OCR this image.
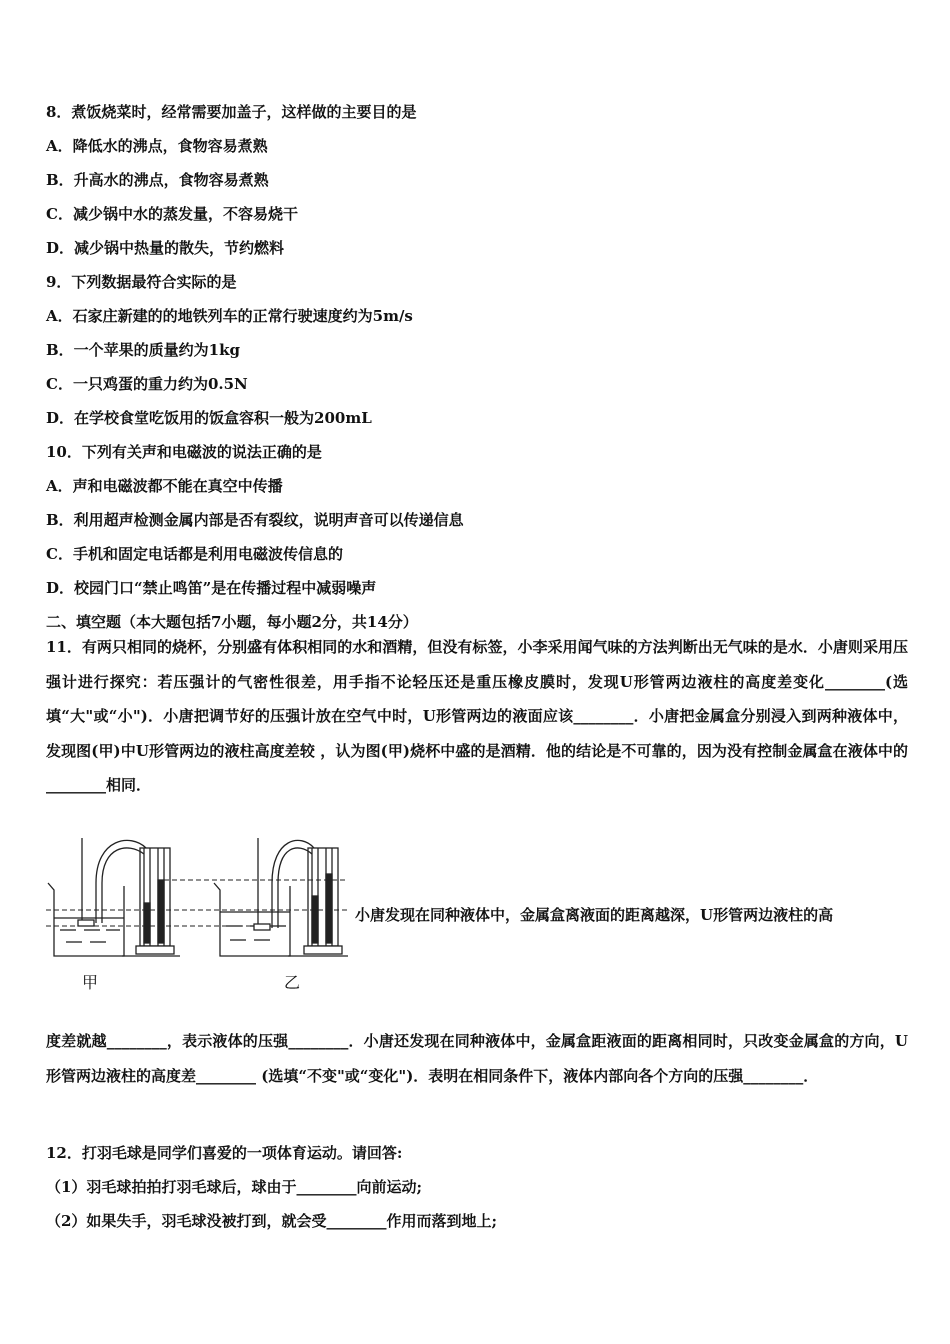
8．煮饭烧菜时，经常需要加盖子，这样做的主要目的是
A．降低水的沸点，食物容易煮熟
B．升高水的沸点，食物容易煮熟
C．减少锅中水的蒸发量，不容易烧干
D．减少锅中热量的散失，节约燃料
9．下列数据最符合实际的是
A．石家庄新建的的地铁列车的正常行驶速度约为5m/s
B．一个苹果的质量约为1kg
C．一只鸡蛋的重力约为0.5N
D．在学校食堂吃饭用的饭盒容积一般为200mL
10．下列有关声和电磁波的说法正确的是
A．声和电磁波都不能在真空中传播
B．利用超声检测金属内部是否有裂纹，说明声音可以传递信息
C．手机和固定电话都是利用电磁波传信息的
D．校园门口“禁止鸣笛”是在传播过程中减弱噪声
二、填空题（本大题包括7小题，每小题2分，共14分）
11．有两只相同的烧杯，分别盛有体积相同的水和酒精，但没有标签，小李采用闻气味的方法判断出无气味的是水．小唐则采用压强计进行探究：若压强计的气密性很差，用手指不论轻压还是重压橡皮膜时，发现U形管两边液柱的高度差变化________(选填“大"或“小")．小唐把调节好的压强计放在空气中时，U形管两边的液面应该________．小唐把金属盒分别浸入到两种液体中，发现图(甲)中U形管两边的液柱高度差较 ，认为图(甲)烧杯中盛的是酒精．他的结论是不可靠的，因为没有控制金属盒在液体中的________相同．
甲	乙
小唐发现在同种液体中，金属盒离液面的距离越深，U形管两边液柱的高
度差就越________，表示液体的压强________．小唐还发现在同种液体中，金属盒距液面的距离相同时，只改变金属盒的方向，U形管两边液柱的高度差________ (选填“不变"或“变化")．表明在相同条件下，液体内部向各个方向的压强________．
12．打羽毛球是同学们喜爱的一项体育运动。请回答:
（1）羽毛球拍拍打羽毛球后，球由于________向前运动;
（2）如果失手，羽毛球没被打到，就会受________作用而落到地上;
